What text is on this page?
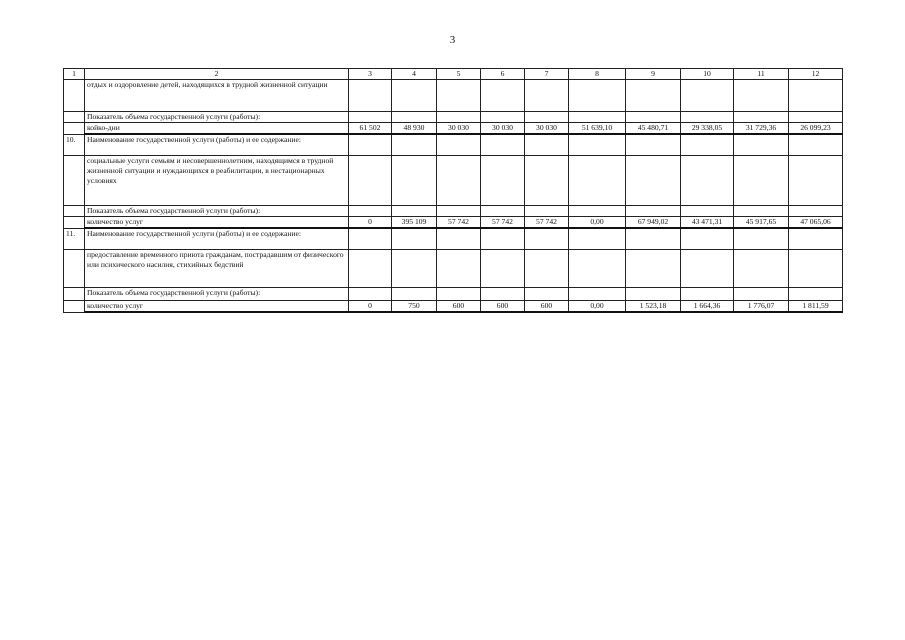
3
1	2	3	4	5	6	7	8	9	10	11	12
	отдых и оздоровление детей, находящихся в трудной жизненной ситуации										
	Показатель объема государственной услуги (работы):										
	койко-дни	61 502	48 930	30 030	30 030	30 030	51 639,10	45 480,71	29 338,05	31 729,36	26 099,23
10.	Наименование государственной услуги (работы) и ее содержание:										
	социальные услуги семьям и несовершеннолетним, находящимся в трудной жизненной ситуации и нуждающихся в реабилитации, в нестационарных условиях										
	Показатель объема государственной услуги (работы):										
	количество услуг	0	395 109	57 742	57 742	57 742	0,00	67 949,02	43 471,31	45 917,65	47 065,06
11.	Наименование государственной услуги (работы) и ее содержание:										
	предоставление временного приюта гражданам, пострадавшим от физического или психического насилия, стихийных бедствий										
	Показатель объема государственной услуги (работы):										
	количество услуг	0	750	600	600	600	0,00	1 523,18	1 664,36	1 776,07	1 811,59
